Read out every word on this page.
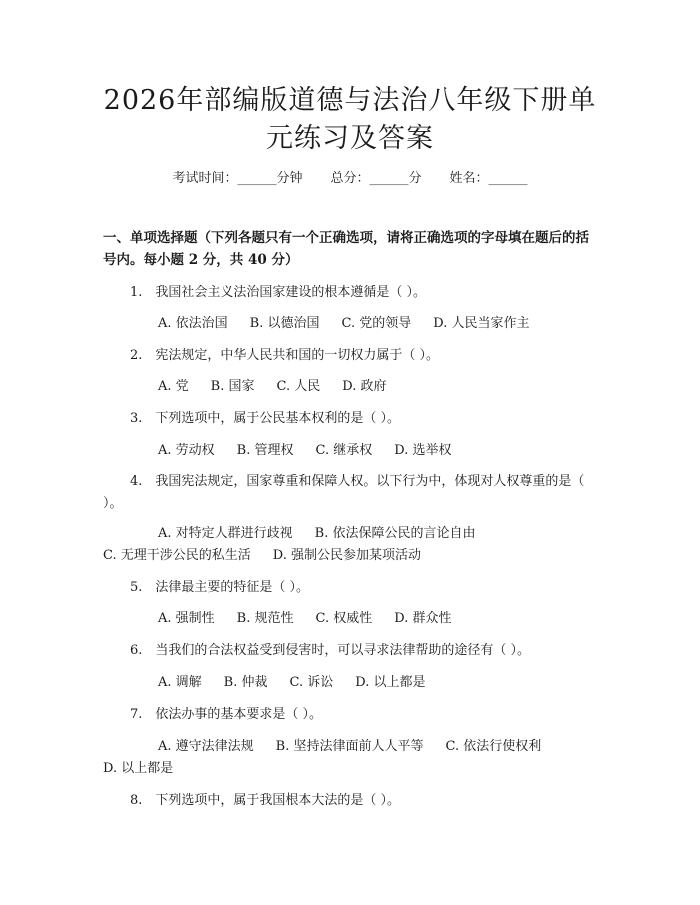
2026年部编版道德与法治八年级下册单元练习及答案
考试时间：______分钟 总分：______分 姓名：______
一、单项选择题（下列各题只有一个正确选项，请将正确选项的字母填在题后的括号内。每小题 2 分，共 40 分）
1.　我国社会主义法治国家建设的根本遵循是（ ）。
A. 依法治国 B. 以德治国 C. 党的领导 D. 人民当家作主
2.　宪法规定，中华人民共和国的一切权力属于（ ）。
A. 党 B. 国家 C. 人民 D. 政府
3.　下列选项中，属于公民基本权利的是（ ）。
A. 劳动权 B. 管理权 C. 继承权 D. 选举权
4.　我国宪法规定，国家尊重和保障人权。以下行为中，体现对人权尊重的是（ ）。
A. 对特定人群进行歧视 B. 依法保障公民的言论自由C. 无理干涉公民的私生活 D. 强制公民参加某项活动
5.　法律最主要的特征是（ ）。
A. 强制性 B. 规范性 C. 权威性 D. 群众性
6.　当我们的合法权益受到侵害时，可以寻求法律帮助的途径有（ ）。
A. 调解 B. 仲裁 C. 诉讼 D. 以上都是
7.　依法办事的基本要求是（ ）。
A. 遵守法律法规 B. 坚持法律面前人人平等 C. 依法行使权利D. 以上都是
8.　下列选项中，属于我国根本大法的是（ ）。
